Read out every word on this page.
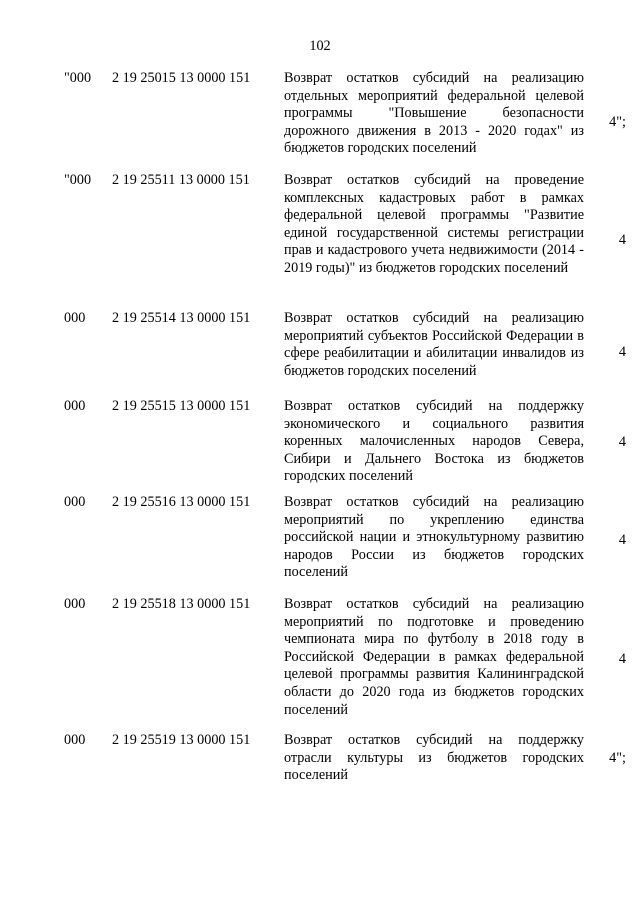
102
"000 2 19 25015 13 0000 151 Возврат остатков субсидий на реализацию отдельных мероприятий федеральной целевой программы "Повышение безопасности дорожного движения в 2013 - 2020 годах" из бюджетов городских поселений
4";
"000 2 19 25511 13 0000 151 Возврат остатков субсидий на проведение комплексных кадастровых работ в рамках федеральной целевой программы "Развитие единой государственной системы регистрации прав и кадастрового учета недвижимости (2014 - 2019 годы)" из бюджетов городских поселений
4
000 2 19 25514 13 0000 151 Возврат остатков субсидий на реализацию мероприятий субъектов Российской Федерации в сфере реабилитации и абилитации инвалидов из бюджетов городских поселений
4
000 2 19 25515 13 0000 151 Возврат остатков субсидий на поддержку экономического и социального развития коренных малочисленных народов Севера, Сибири и Дальнего Востока из бюджетов городских поселений
4
000 2 19 25516 13 0000 151 Возврат остатков субсидий на реализацию мероприятий по укреплению единства российской нации и этнокультурному развитию народов России из бюджетов городских поселений
4
000 2 19 25518 13 0000 151 Возврат остатков субсидий на реализацию мероприятий по подготовке и проведению чемпионата мира по футболу в 2018 году в Российской Федерации в рамках федеральной целевой программы развития Калининградской области до 2020 года из бюджетов городских поселений
4
000 2 19 25519 13 0000 151 Возврат остатков субсидий на поддержку отрасли культуры из бюджетов городских поселений
4";
